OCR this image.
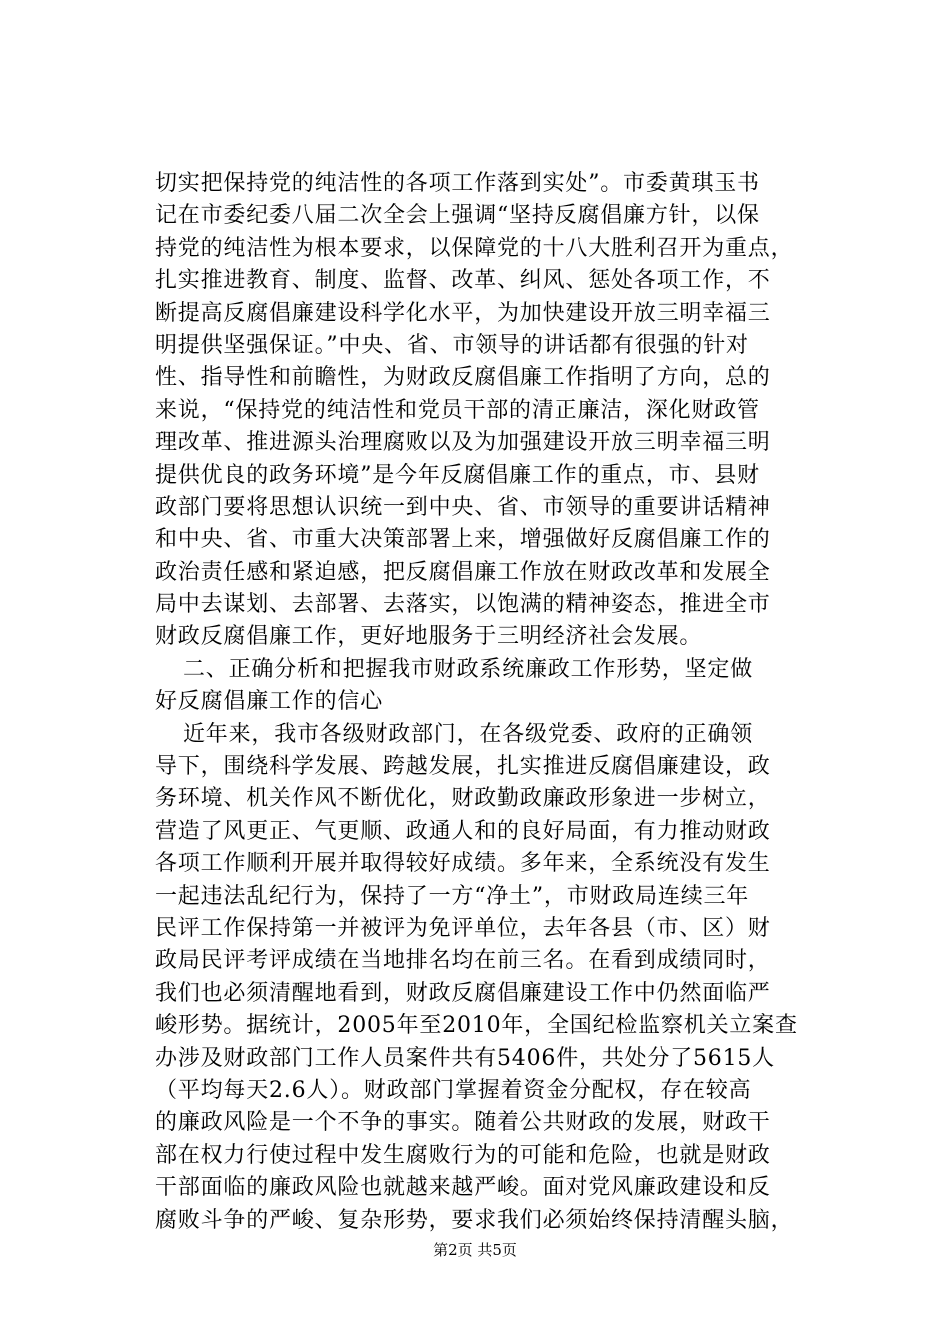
切实把保持党的纯洁性的各项工作落到实处”。市委黄琪玉书
记在市委纪委八届二次全会上强调“坚持反腐倡廉方针，以保
持党的纯洁性为根本要求，以保障党的十八大胜利召开为重点，
扎实推进教育、制度、监督、改革、纠风、惩处各项工作，不
断提高反腐倡廉建设科学化水平，为加快建设开放三明幸福三
明提供坚强保证。”中央、省、市领导的讲话都有很强的针对
性、指导性和前瞻性，为财政反腐倡廉工作指明了方向，总的
来说，“保持党的纯洁性和党员干部的清正廉洁，深化财政管
理改革、推进源头治理腐败以及为加强建设开放三明幸福三明
提供优良的政务环境”是今年反腐倡廉工作的重点，市、县财
政部门要将思想认识统一到中央、省、市领导的重要讲话精神
和中央、省、市重大决策部署上来，增强做好反腐倡廉工作的
政治责任感和紧迫感，把反腐倡廉工作放在财政改革和发展全
局中去谋划、去部署、去落实，以饱满的精神姿态，推进全市
财政反腐倡廉工作，更好地服务于三明经济社会发展。
二、正确分析和把握我市财政系统廉政工作形势，坚定做
好反腐倡廉工作的信心
近年来，我市各级财政部门，在各级党委、政府的正确领
导下，围绕科学发展、跨越发展，扎实推进反腐倡廉建设，政
务环境、机关作风不断优化，财政勤政廉政形象进一步树立，
营造了风更正、气更顺、政通人和的良好局面，有力推动财政
各项工作顺利开展并取得较好成绩。多年来，全系统没有发生
一起违法乱纪行为，保持了一方“净土”，市财政局连续三年
民评工作保持第一并被评为免评单位，去年各县（市、区）财
政局民评考评成绩在当地排名均在前三名。在看到成绩同时，
我们也必须清醒地看到，财政反腐倡廉建设工作中仍然面临严
峻形势。据统计，2005年至2010年，全国纪检监察机关立案查
办涉及财政部门工作人员案件共有5406件，共处分了5615人
（平均每天2.6人）。财政部门掌握着资金分配权，存在较高
的廉政风险是一个不争的事实。随着公共财政的发展，财政干
部在权力行使过程中发生腐败行为的可能和危险，也就是财政
干部面临的廉政风险也就越来越严峻。面对党风廉政建设和反
腐败斗争的严峻、复杂形势，要求我们必须始终保持清醒头脑，
第2页 共5页
